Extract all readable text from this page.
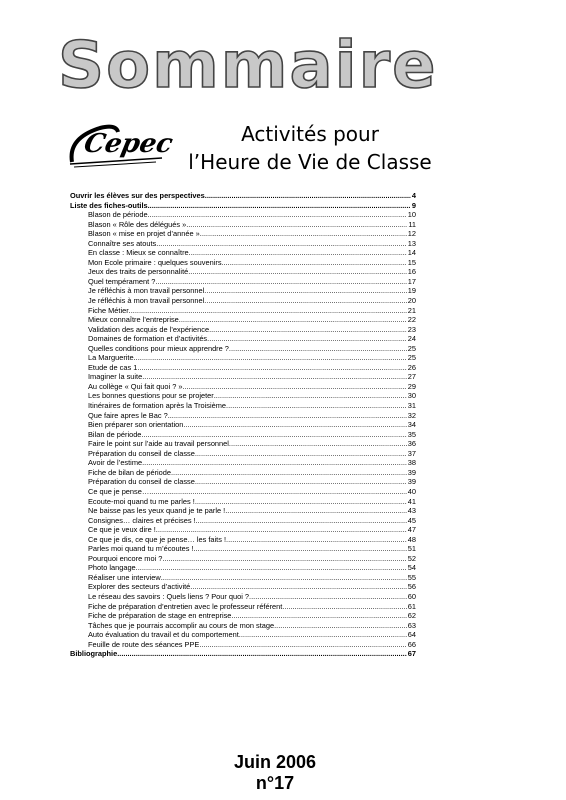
Sommaire
Cepec	Activités pour
l’Heure de Vie de Classe
Ouvrir les élèves sur des perspectives .....	4
Liste des fiches-outils .....	9
Blason de période .....	10
Blason « Rôle des délégués » .....	11
Blason « mise en projet d’année » .....	12
Connaître ses atouts .....	13
En classe : Mieux se connaître .....	14
Mon Ecole primaire : quelques souvenirs .....	15
Jeux des traits de personnalité .....	16
Quel tempérament ? .....	17
Je réfléchis à mon travail personnel .....	19
Je réfléchis à mon travail personnel .....	20
Fiche Métier .....	21
Mieux connaître l’entreprise .....	22
Validation des acquis de l’expérience .....	23
Domaines de formation et d’activités .....	24
Quelles conditions pour mieux apprendre ? .....	25
La Marguerite .....	25
Etude de cas 1 .....	26
Imaginer la suite .....	27
Au collège « Qui fait quoi ? » .....	29
Les bonnes questions pour se projeter .....	30
Itinéraires de formation après la Troisième .....	31
Que faire apres le Bac ? .....	32
Bien préparer son orientation .....	34
Bilan de période .....	35
Faire le point sur l’aide au travail personnel .....	36
Préparation du conseil de classe .....	37
Avoir de l’estime .....	38
Fiche de bilan de période .....	39
Préparation du conseil de classe .....	39
Ce que je pense… .....	40
Ecoute-moi quand tu me parles ! .....	41
Ne baisse pas les yeux quand je te parle ! .....	43
Consignes… claires et précises ! .....	45
Ce que je veux dire ! .....	47
Ce que je dis, ce que je pense… les faits ! .....	48
Parles moi quand tu m’écoutes ! .....	51
Pourquoi encore moi ? .....	52
Photo langage .....	54
Réaliser une interview .....	55
Explorer des secteurs d’activité .....	56
Le réseau des savoirs : Quels liens ? Pour quoi ? .....	60
Fiche de préparation d’entretien avec le professeur référent .....	61
Fiche de préparation de stage en entreprise .....	62
Tâches que je pourrais accomplir au cours de mon stage .....	63
Auto évaluation du travail et du comportement .....	64
Feuille de route des séances PPE .....	66
Bibliographie .....	67
Juin 2006
n°17
